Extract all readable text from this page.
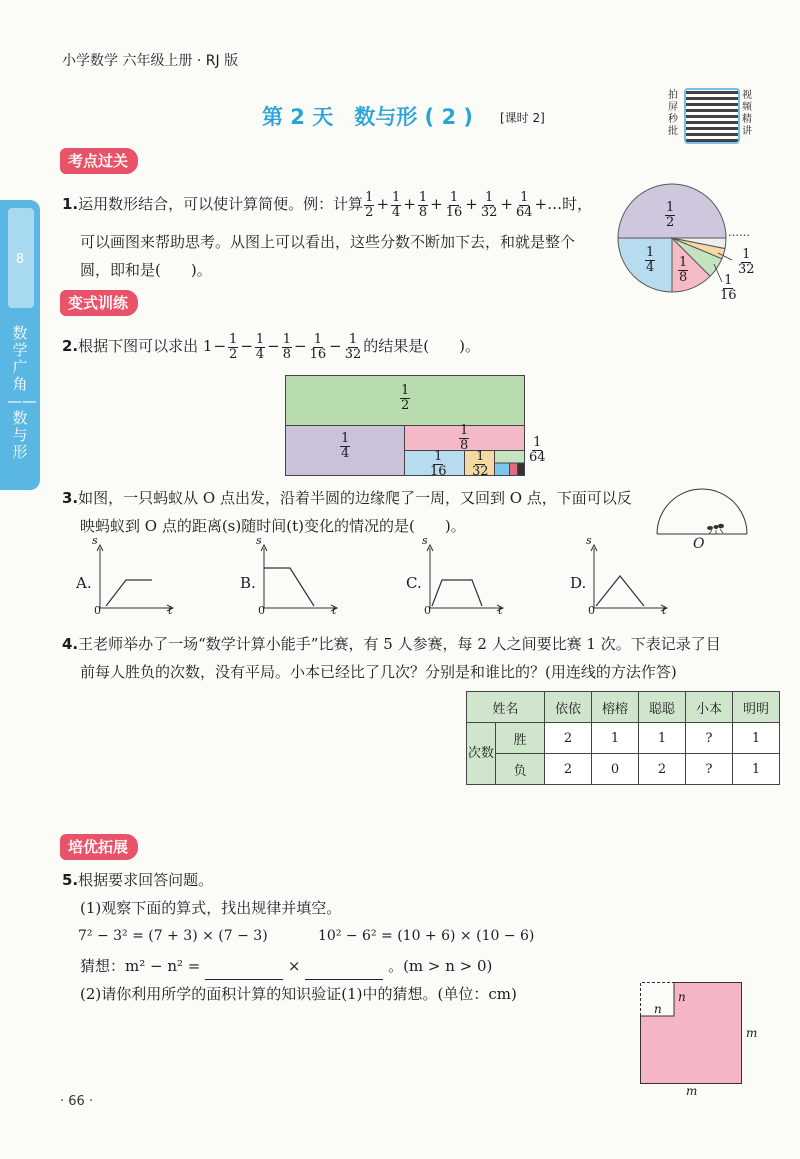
小学数学 六年级上册 · RJ 版
拍屏秒批
视频精讲
第 2 天　数与形 ( 2 ) [课时 2]
8
数学广角——数与形
考点过关
1.运用数形结合，可以使计算简便。例：计算 $\frac{1}{2} + \frac{1}{4} + \frac{1}{8} + \frac{1}{16} + \frac{1}{32} + \frac{1}{64}$ +…时，
可以画图来帮助思考。从图上可以看出，这些分数不断加下去，和就是整个
圆，即和是(　　)。
……
$\frac{1}{2}$
$\frac{1}{4} \frac{1}{8}$
$\frac{1}{16}$
$\frac{1}{32}$
变式训练
2.根据下图可以求出 $1- \frac{1}{2} - \frac{1}{4} - \frac{1}{8} - \frac{1}{16} - \frac{1}{32}$ 的结果是(　　)。
$\frac{1}{2}$
$\frac{1}{4}$	$\frac{1}{8}$
$\frac{1}{16} \frac{1}{32}$	$\frac{1}{64}$
3.如图，一只蚂蚁从 O 点出发，沿着半圆的边缘爬了一周，又回到 O 点，下面可以反
映蚂蚁到 O 点的距离(s)随时间(t)变化的情况的是(　　)。
O
A.
s
0	t
B.
s
0	t
C.
s
0	t
D.
s
0	t
4.王老师举办了一场“数学计算小能手”比赛，有 5 人参赛，每 2 人之间要比赛 1 次。下表记录了目
前每人胜负的次数，没有平局。小本已经比了几次？分别是和谁比的？(用连线的方法作答)
姓名		依依	榕榕	聪聪	小本	明明
次数	胜	2	1	1	?	1
	负	2	0	2	?	1
培优拓展
5.根据要求回答问题。
(1)观察下面的算式，找出规律并填空。
7² − 3² = (7 + 3) × (7 − 3)	10² − 6² = (10 + 6) × (10 − 6)
猜想：m² − n² =	×	。(m > n > 0)
(2)请你利用所学的面积计算的知识验证(1)中的猜想。(单位：cm)	n
n
m
m
· 66 ·
